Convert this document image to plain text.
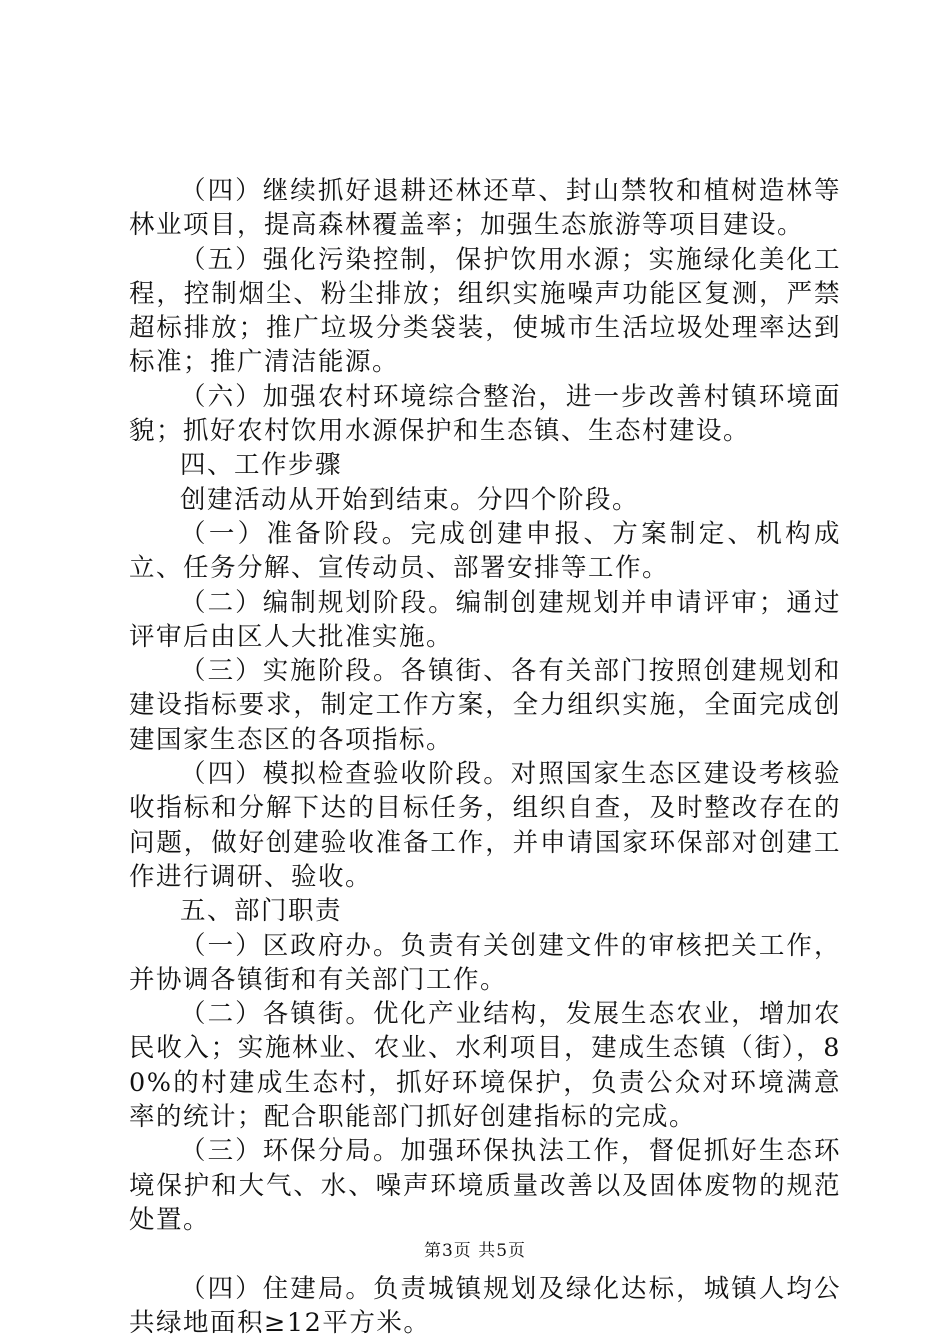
（四）继续抓好退耕还林还草、封山禁牧和植树造林等林业项目，提高森林覆盖率；加强生态旅游等项目建设。

（五）强化污染控制，保护饮用水源；实施绿化美化工程，控制烟尘、粉尘排放；组织实施噪声功能区复测，严禁超标排放；推广垃圾分类袋装，使城市生活垃圾处理率达到标准；推广清洁能源。

（六）加强农村环境综合整治，进一步改善村镇环境面貌；抓好农村饮用水源保护和生态镇、生态村建设。

四、工作步骤

创建活动从开始到结束。分四个阶段。

（一）准备阶段。完成创建申报、方案制定、机构成立、任务分解、宣传动员、部署安排等工作。

（二）编制规划阶段。编制创建规划并申请评审；通过评审后由区人大批准实施。

（三）实施阶段。各镇街、各有关部门按照创建规划和建设指标要求，制定工作方案，全力组织实施，全面完成创建国家生态区的各项指标。

（四）模拟检查验收阶段。对照国家生态区建设考核验收指标和分解下达的目标任务，组织自查，及时整改存在的问题，做好创建验收准备工作，并申请国家环保部对创建工作进行调研、验收。

五、部门职责

（一）区政府办。负责有关创建文件的审核把关工作，并协调各镇街和有关部门工作。

（二）各镇街。优化产业结构，发展生态农业，增加农民收入；实施林业、农业、水利项目，建成生态镇（街），80%的村建成生态村，抓好环境保护，负责公众对环境满意率的统计；配合职能部门抓好创建指标的完成。

（三）环保分局。加强环保执法工作，督促抓好生态环境保护和大气、水、噪声环境质量改善以及固体废物的规范处置。

（四）住建局。负责城镇规划及绿化达标，城镇人均公共绿地面积≥12平方米。

第3页 共5页
